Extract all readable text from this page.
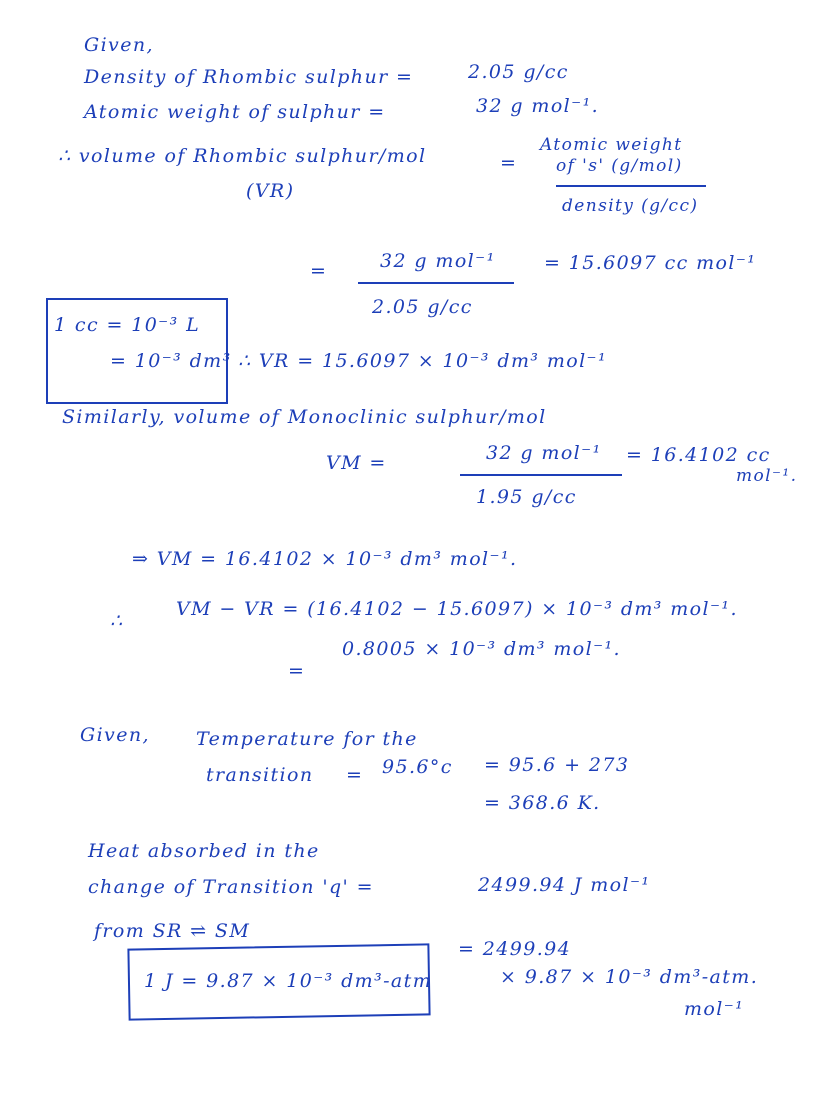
Given,
Density of Rhombic sulphur =	2.05 g/cc
Atomic weight of sulphur =	32 g mol⁻¹.
∴ volume of Rhombic sulphur/mol
(VR)
=
Atomic weight
of 's' (g/mol)
density (g/cc)
=	32 g mol⁻¹
2.05 g/cc
= 15.6097 cc mol⁻¹
1 cc = 10⁻³ L
= 10⁻³ dm³ ∴ VR = 15.6097 × 10⁻³ dm³ mol⁻¹
Similarly, volume of Monoclinic sulphur/mol
VM =	32 g mol⁻¹
1.95 g/cc
= 16.4102 cc
mol⁻¹.
⇒ VM = 16.4102 × 10⁻³ dm³ mol⁻¹.
∴
VM − VR = (16.4102 − 15.6097) × 10⁻³ dm³ mol⁻¹.
=
0.8005 × 10⁻³ dm³ mol⁻¹.
Given, Temperature for the
transition = 95.6°c = 95.6 + 273
= 368.6 K.
Heat absorbed in the
change of Transition 'q' =	2499.94 J mol⁻¹
from SR ⇌ SM
1 J = 9.87 × 10⁻³ dm³-atm
= 2499.94
× 9.87 × 10⁻³ dm³-atm.
mol⁻¹
